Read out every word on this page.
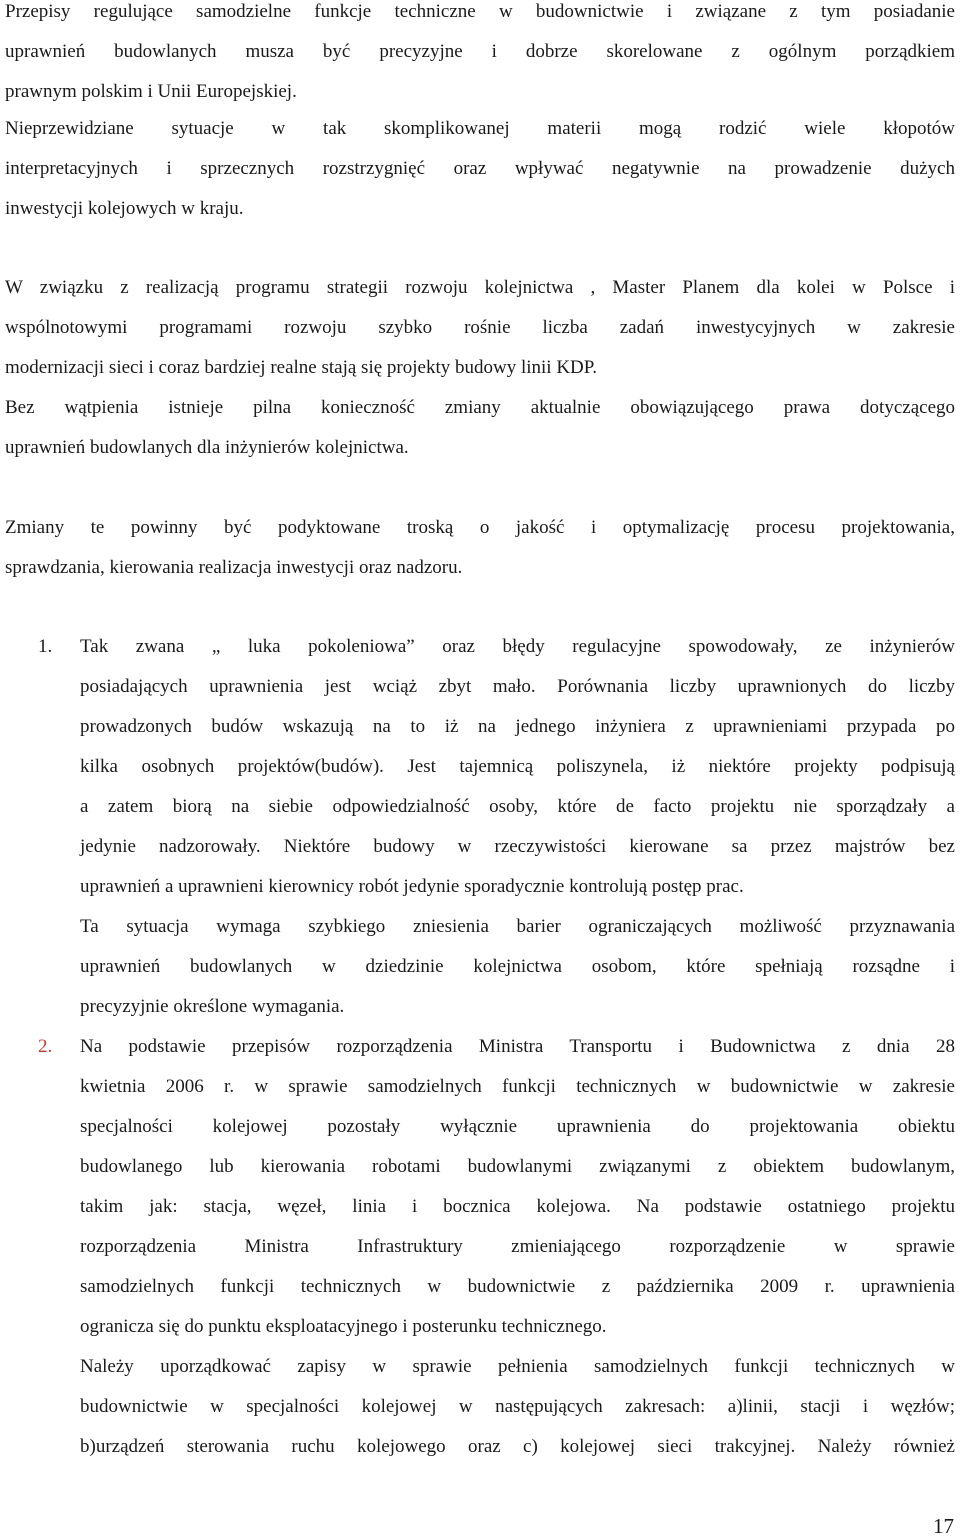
Przepisy regulujące samodzielne funkcje techniczne w budownictwie i związane z tym posiadanie
uprawnień budowlanych musza być precyzyjne i dobrze skorelowane z ogólnym porządkiem
prawnym polskim i Unii Europejskiej.
Nieprzewidziane sytuacje w tak skomplikowanej materii mogą rodzić wiele kłopotów
interpretacyjnych i sprzecznych rozstrzygnięć oraz wpływać negatywnie na prowadzenie dużych
inwestycji kolejowych w kraju.
W związku z realizacją programu strategii rozwoju kolejnictwa , Master Planem dla kolei w Polsce i
wspólnotowymi programami rozwoju szybko rośnie liczba zadań inwestycyjnych w zakresie
modernizacji sieci i coraz bardziej realne stają się projekty budowy linii KDP.
Bez wątpienia istnieje pilna konieczność zmiany aktualnie obowiązującego prawa dotyczącego
uprawnień budowlanych dla inżynierów kolejnictwa.
Zmiany te powinny być podyktowane troską o jakość i optymalizację procesu projektowania,
sprawdzania, kierowania realizacja inwestycji oraz nadzoru.
1.	Tak zwana „ luka pokoleniowa” oraz błędy regulacyjne spowodowały, ze inżynierów
posiadających uprawnienia jest wciąż zbyt mało. Porównania liczby uprawnionych do liczby
prowadzonych budów wskazują na to iż na jednego inżyniera z uprawnieniami przypada po
kilka osobnych projektów(budów). Jest tajemnicą poliszynela, iż niektóre projekty podpisują
a zatem biorą na siebie odpowiedzialność osoby, które de facto projektu nie sporządzały a
jedynie nadzorowały. Niektóre budowy w rzeczywistości kierowane sa przez majstrów bez
uprawnień a uprawnieni kierownicy robót jedynie sporadycznie kontrolują postęp prac.
Ta sytuacja wymaga szybkiego zniesienia barier ograniczających możliwość przyznawania
uprawnień budowlanych w dziedzinie kolejnictwa osobom, które spełniają rozsądne i
precyzyjnie określone wymagania.
2.	Na podstawie przepisów rozporządzenia Ministra Transportu i Budownictwa z dnia 28
kwietnia 2006 r. w sprawie samodzielnych funkcji technicznych w budownictwie w zakresie
specjalności kolejowej pozostały wyłącznie uprawnienia do projektowania obiektu
budowlanego lub kierowania robotami budowlanymi związanymi z obiektem budowlanym,
takim jak: stacja, węzeł, linia i bocznica kolejowa. Na podstawie ostatniego projektu
rozporządzenia Ministra Infrastruktury zmieniającego rozporządzenie w sprawie
samodzielnych funkcji technicznych w budownictwie z października 2009 r. uprawnienia
ogranicza się do punktu eksploatacyjnego i posterunku technicznego.
Należy uporządkować zapisy w sprawie pełnienia samodzielnych funkcji technicznych w
budownictwie w specjalności kolejowej w następujących zakresach: a)linii, stacji i węzłów;
b)urządzeń sterowania ruchu kolejowego oraz c) kolejowej sieci trakcyjnej. Należy również
17
